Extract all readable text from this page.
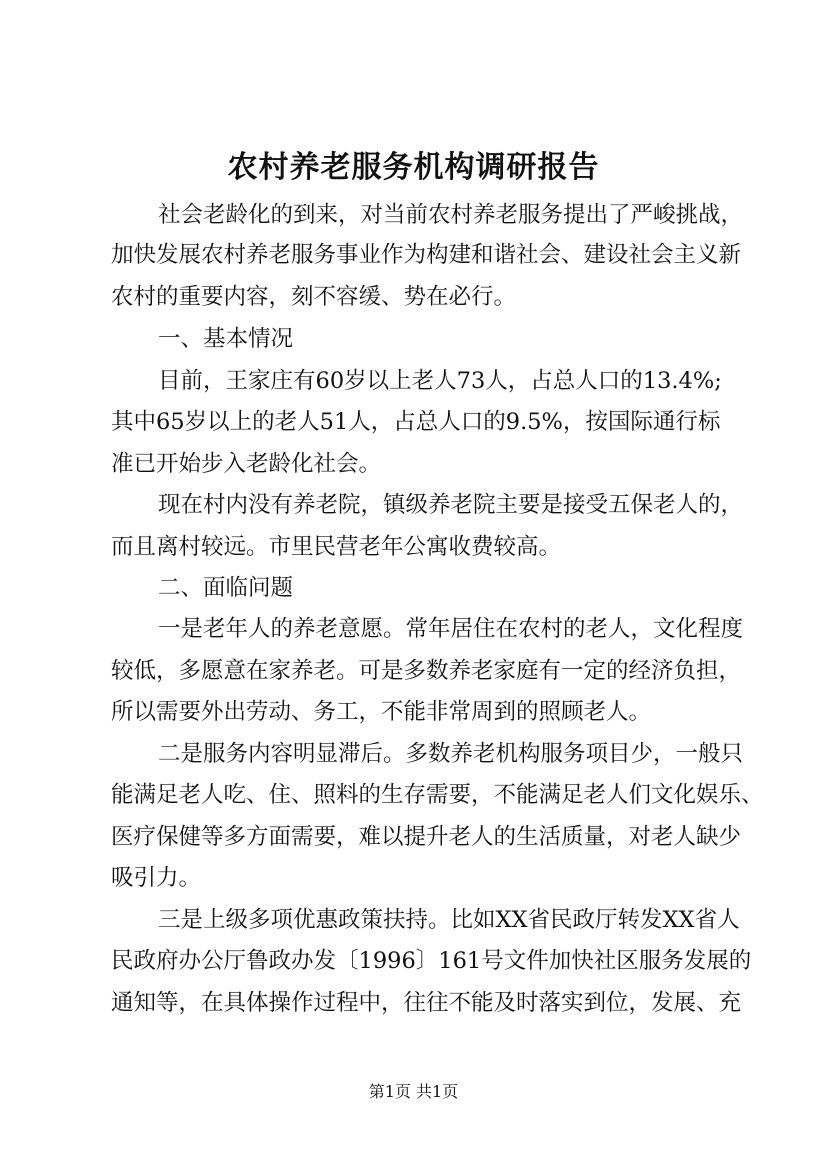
农村养老服务机构调研报告

社会老龄化的到来，对当前农村养老服务提出了严峻挑战，

加快发展农村养老服务事业作为构建和谐社会、建设社会主义新

农村的重要内容，刻不容缓、势在必行。

一、基本情况

目前，王家庄有60岁以上老人73人，占总人口的13.4%;

其中65岁以上的老人51人，占总人口的9.5%，按国际通行标

准已开始步入老龄化社会。

现在村内没有养老院，镇级养老院主要是接受五保老人的，

而且离村较远。市里民营老年公寓收费较高。

二、面临问题

一是老年人的养老意愿。常年居住在农村的老人，文化程度

较低，多愿意在家养老。可是多数养老家庭有一定的经济负担，

所以需要外出劳动、务工，不能非常周到的照顾老人。

二是服务内容明显滞后。多数养老机构服务项目少，一般只

能满足老人吃、住、照料的生存需要，不能满足老人们文化娱乐、

医疗保健等多方面需要，难以提升老人的生活质量，对老人缺少

吸引力。

三是上级多项优惠政策扶持。比如XX省民政厅转发XX省人

民政府办公厅鲁政办发〔1996〕161号文件加快社区服务发展的

通知等，在具体操作过程中，往往不能及时落实到位，发展、充

第1页 共1页
